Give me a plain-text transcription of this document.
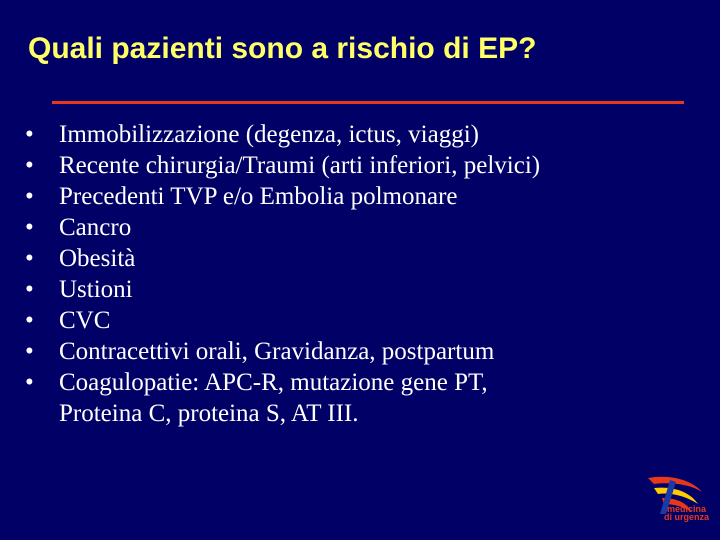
Quali pazienti sono a rischio di EP?
•	Immobilizzazione (degenza, ictus, viaggi)
•	Recente chirurgia/Traumi (arti inferiori, pelvici)
•	Precedenti TVP e/o Embolia polmonare
•	Cancro
•	Obesità
•	Ustioni
•	CVC
•	Contracettivi orali, Gravidanza, postpartum
•	Coagulopatie: APC-R, mutazione gene PT,
Proteina C, proteina S, AT III.
medicina
di urgenza
